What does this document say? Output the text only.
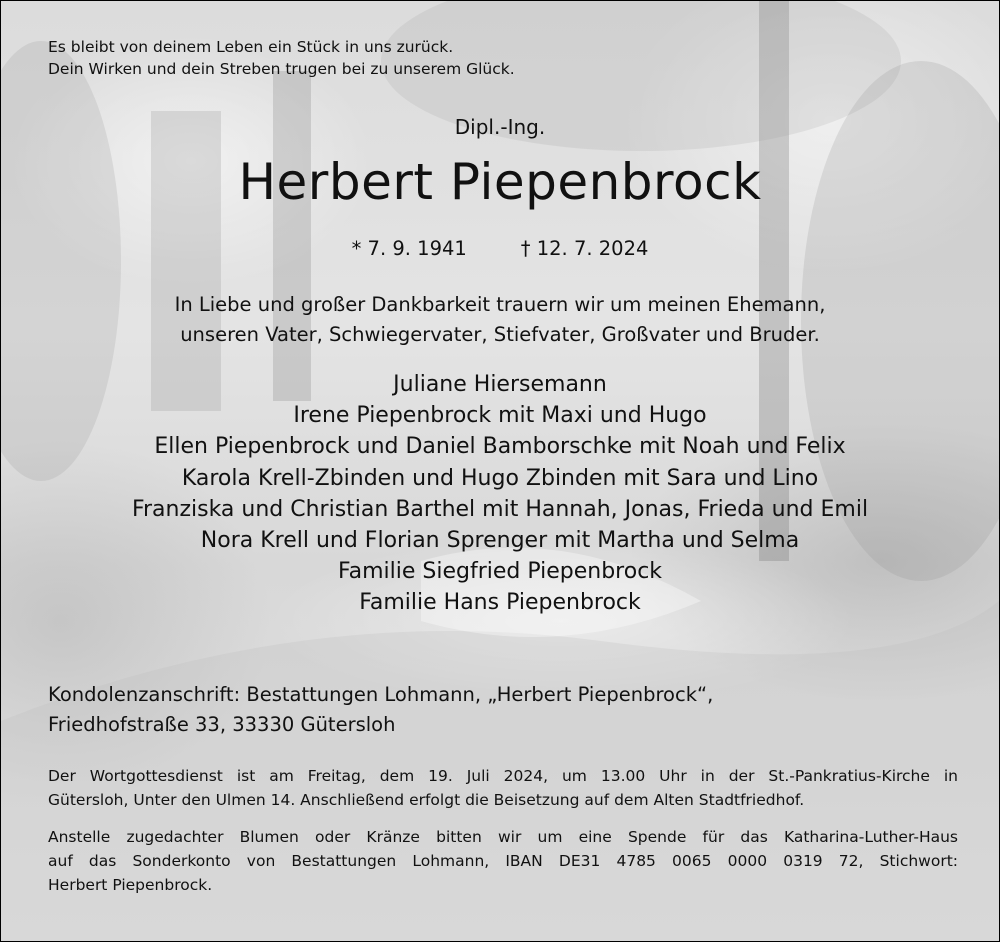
Es bleibt von deinem Leben ein Stück in uns zurück.
Dein Wirken und dein Streben trugen bei zu unserem Glück.
Dipl.-Ing.
Herbert Piepenbrock
* 7. 9. 1941	† 12. 7. 2024
In Liebe und großer Dankbarkeit trauern wir um meinen Ehemann,
unseren Vater, Schwiegervater, Stiefvater, Großvater und Bruder.
Juliane Hiersemann
Irene Piepenbrock mit Maxi und Hugo
Ellen Piepenbrock und Daniel Bamborschke mit Noah und Felix
Karola Krell-Zbinden und Hugo Zbinden mit Sara und Lino
Franziska und Christian Barthel mit Hannah, Jonas, Frieda und Emil
Nora Krell und Florian Sprenger mit Martha und Selma
Familie Siegfried Piepenbrock
Familie Hans Piepenbrock
Kondolenzanschrift: Bestattungen Lohmann, „Herbert Piepenbrock“,
Friedhofstraße 33, 33330 Gütersloh
Der Wortgottesdienst ist am Freitag, dem 19. Juli 2024, um 13.00 Uhr in der St.-Pankratius-Kirche in
Gütersloh, Unter den Ulmen 14. Anschließend erfolgt die Beisetzung auf dem Alten Stadtfriedhof.
Anstelle zugedachter Blumen oder Kränze bitten wir um eine Spende für das Katharina-Luther-Haus
auf das Sonderkonto von Bestattungen Lohmann, IBAN DE31 4785 0065 0000 0319 72, Stichwort:
Herbert Piepenbrock.
